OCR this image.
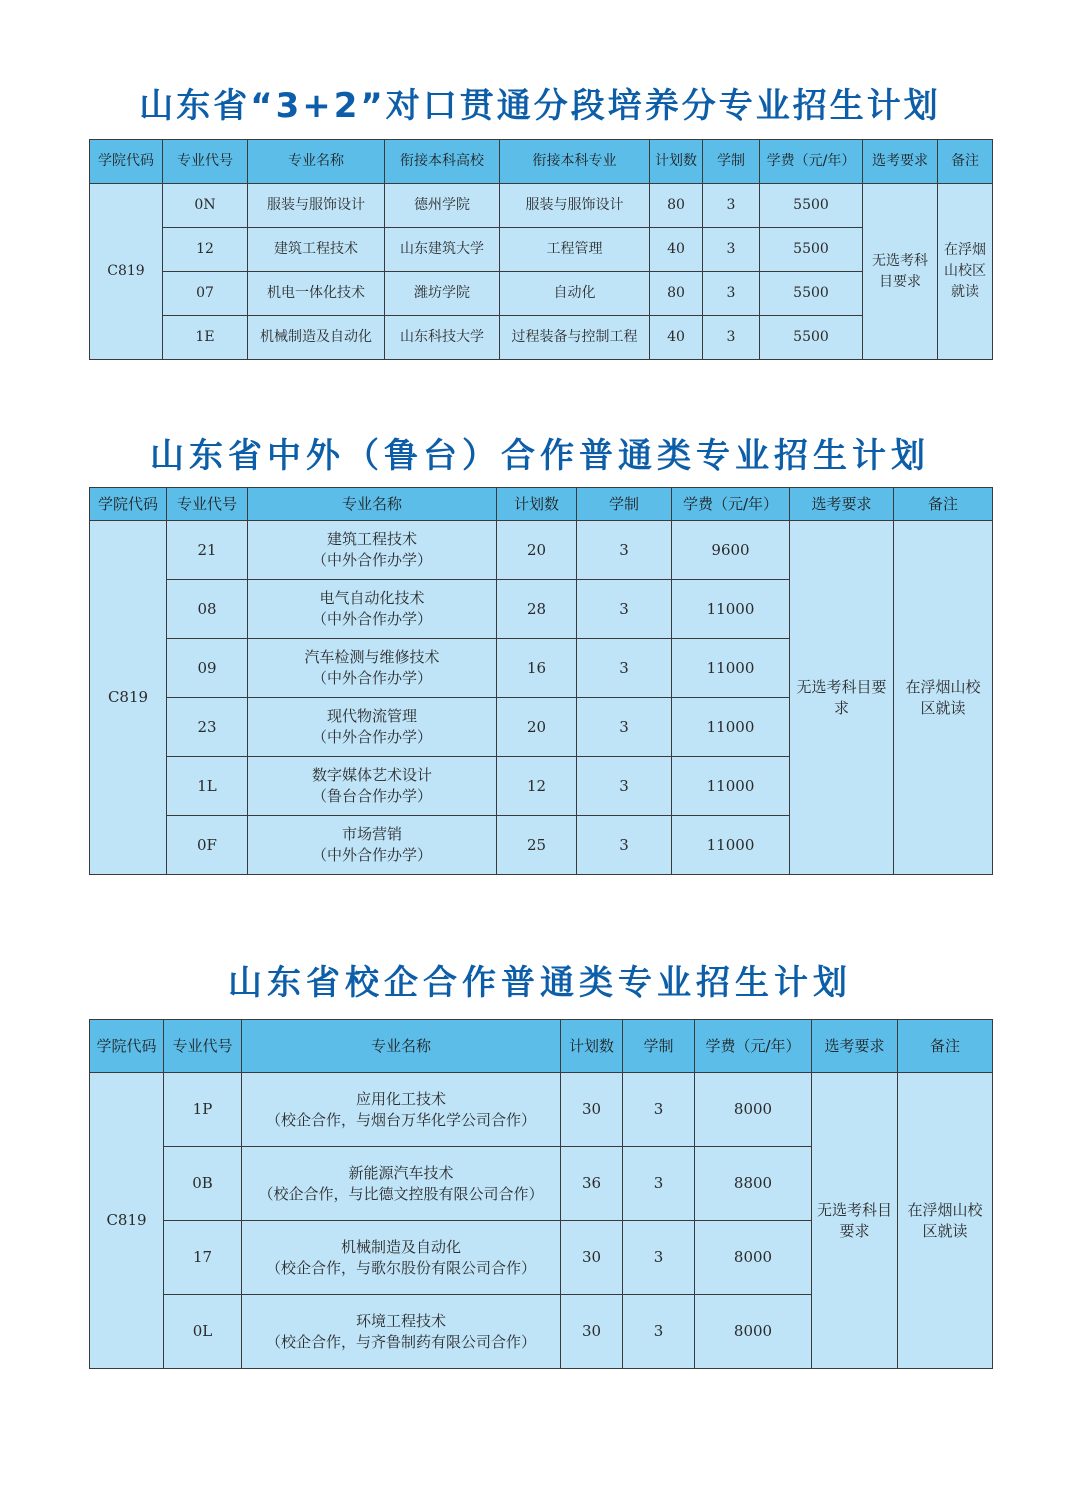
山东省“3+2”对口贯通分段培养分专业招生计划
学院代码	专业代号	专业名称	衔接本科高校	衔接本科专业	计划数	学制	学费（元/年）	选考要求	备注
C819	0N	服装与服饰设计	德州学院	服装与服饰设计	80	3	5500	无选考科目要求	在浮烟山校区就读

	12	建筑工程技术	山东建筑大学	工程管理	40	3	5500		
	07	机电一体化技术	潍坊学院	自动化	80	3	5500		
	1E	机械制造及自动化	山东科技大学	过程装备与控制工程	40	3	5500		
山东省中外（鲁台）合作普通类专业招生计划
学院代码	专业代号	专业名称	计划数	学制	学费（元/年）	选考要求	备注
C819	21	建筑工程技术
（中外合作办学）	20	3	9600	无选考科目要求	在浮烟山校区就读

	08	电气自动化技术
（中外合作办学）	28	3	11000		
	09	汽车检测与维修技术
（中外合作办学）	16	3	11000		
	23	现代物流管理
（中外合作办学）	20	3	11000		
	1L	数字媒体艺术设计
（鲁台合作办学）	12	3	11000		
	0F	市场营销
（中外合作办学）	25	3	11000		
山东省校企合作普通类专业招生计划
学院代码	专业代号	专业名称	计划数	学制	学费（元/年）	选考要求	备注
C819	1P	应用化工技术
（校企合作，与烟台万华化学公司合作）	30	3	8000	无选考科目要求	在浮烟山校区就读

	0B	新能源汽车技术
（校企合作，与比德文控股有限公司合作）	36	3	8800		
	17	机械制造及自动化
（校企合作，与歌尔股份有限公司合作）	30	3	8000		
	0L	环境工程技术
（校企合作，与齐鲁制药有限公司合作）	30	3	8000		
